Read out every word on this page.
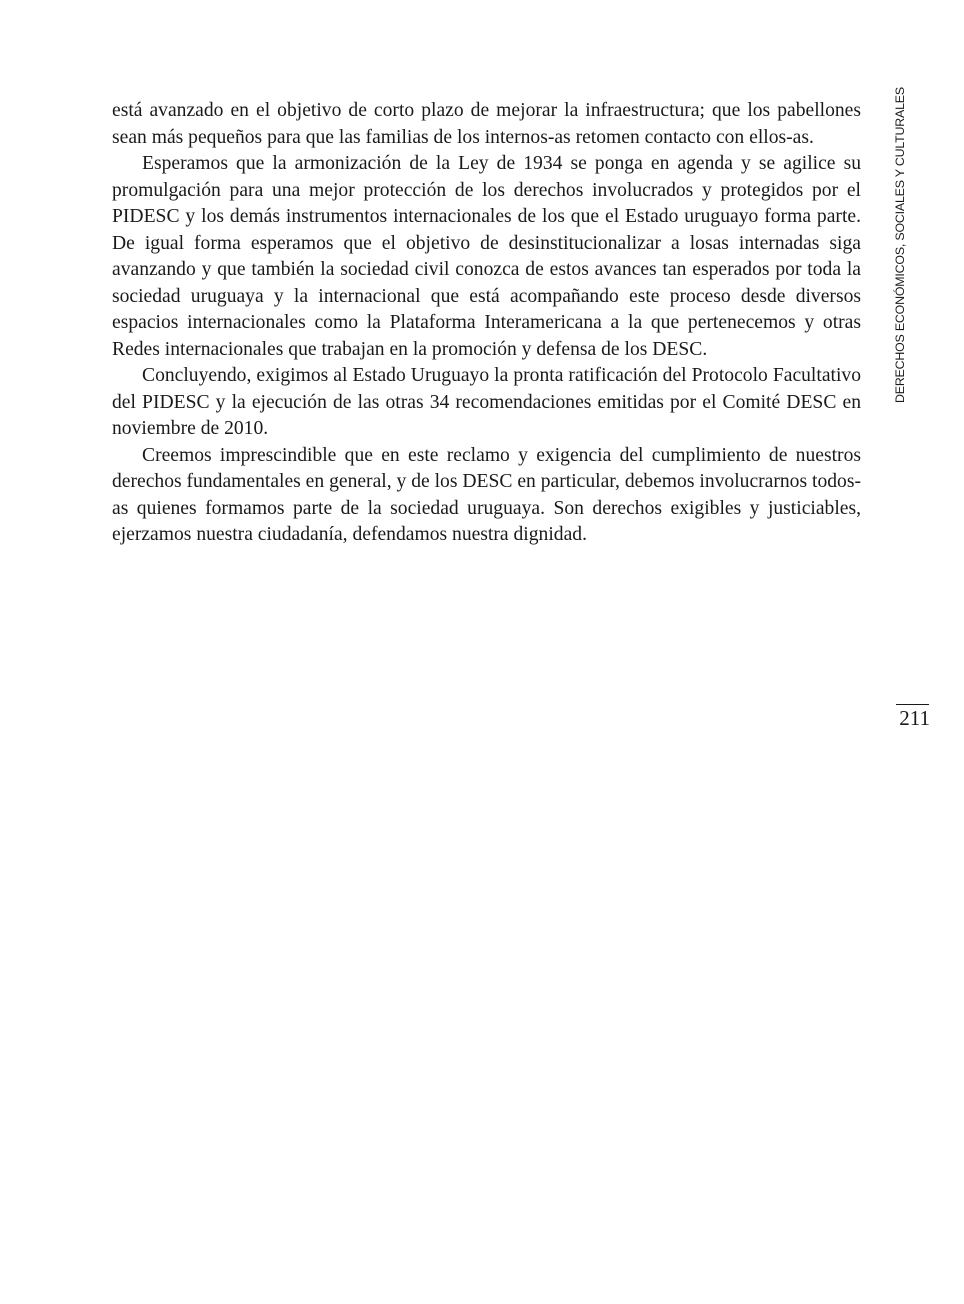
está avanzado en el objetivo de corto plazo de mejorar la infraestructura; que los pabellones sean más pequeños para que las familias de los internos-as retomen contacto con ellos-as.

Esperamos que la armonización de la Ley de 1934 se ponga en agenda y se agilice su promulgación para una mejor protección de los derechos involucrados y protegidos por el PIDESC y los demás instrumentos internacionales de los que el Estado uruguayo forma parte. De igual forma esperamos que el objetivo de desinstitucionalizar a losas internadas siga avanzando y que también la sociedad civil conozca de estos avances tan esperados por toda la sociedad uruguaya y la internacional que está acompañando este proceso desde diversos espacios internacionales como la Plataforma Interamericana a la que pertenecemos y otras Redes internacionales que trabajan en la promoción y defensa de los DESC.

Concluyendo, exigimos al Estado Uruguayo la pronta ratificación del Protocolo Facultativo del PIDESC y la ejecución de las otras 34 recomendaciones emitidas por el Comité DESC en noviembre de 2010.

Creemos imprescindible que en este reclamo y exigencia del cumplimiento de nuestros derechos fundamentales en general, y de los DESC en particular, debemos involucrarnos todos-as quienes formamos parte de la sociedad uruguaya. Son derechos exigibles y justiciables, ejerzamos nuestra ciudadanía, defendamos nuestra dignidad.

DERECHOS ECONÓMICOS, SOCIALES Y CULTURALES
211
